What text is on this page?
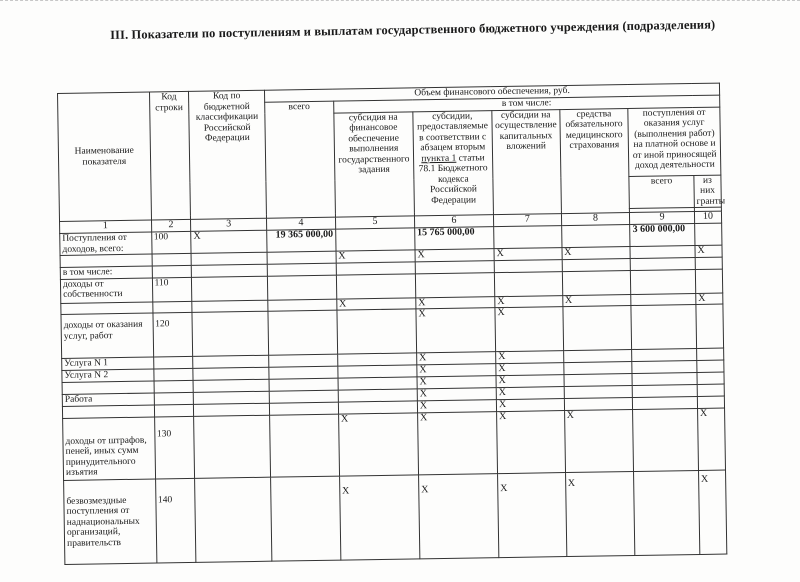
III. Показатели по поступлениям и выплатам государственного бюджетного учреждения (подразделения)
Наименование показателя	Код строки	Код по бюджетной классификации Российской Федерации	Объем финансового обеспечения, руб.						
			всего	в том числе:					
				субсидия на финансовое обеспечение выполнения государственного задания	субсидии, предоставляемые в соответствии с абзацем вторым пункта 1 статьи 78.1 Бюджетного кодекса Российской Федерации	субсидии на осуществление капитальных вложений	средства обязательного медицинского страхования	поступления от оказания услуг (выполнения работ) на платной основе и от иной приносящей доход деятельности	
								всего	из них гранты

1	2	3	4	5	6	7	8	9	10
Поступления от доходов, всего:	100	X	19 365 000,00		15 765 000,00			3 600 000,00	
				X	X	X	X		X
в том числе:									
доходы от собственности	110								
				X	X	X	X		X
доходы от оказания услуг, работ	120				X	X			
Услуга N 1					X	X			
Услуга N 2					X	X			
					X	X			
Работа					X	X			
					X	X			
доходы от штрафов, пеней, иных сумм принудительного изъятия	130			X	X	X	X		X
безвозмездные поступления от наднациональных организаций, правительств	140			X	X	X	X		X
